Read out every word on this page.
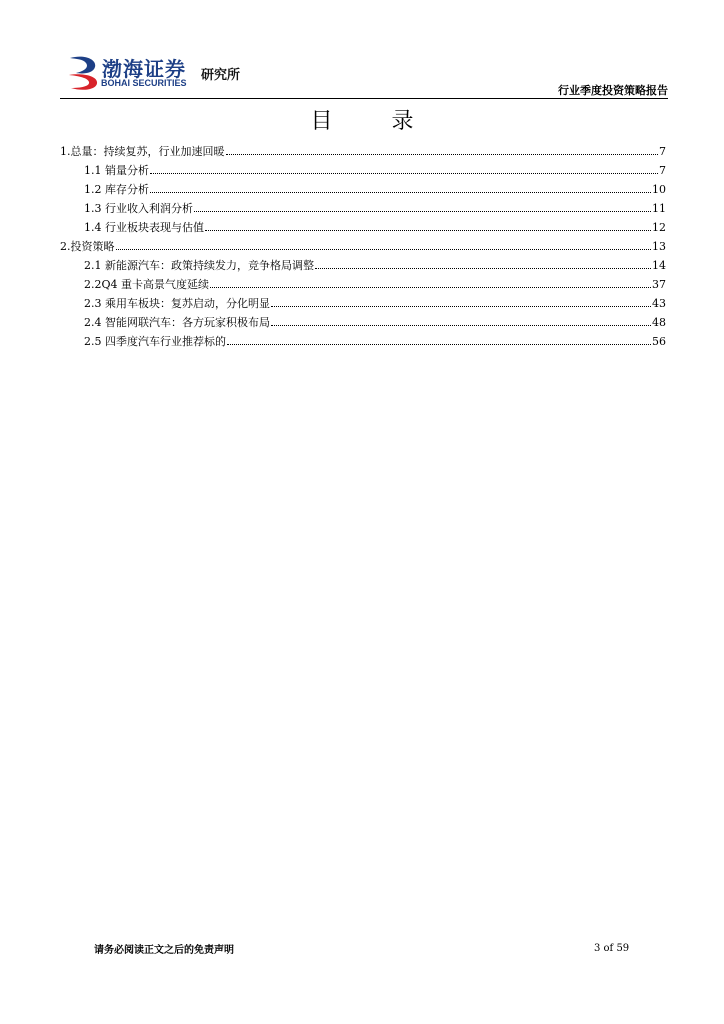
渤海证券
BOHAI SECURITIES 研究所
行业季度投资策略报告
目 录
1.总量：持续复苏，行业加速回暖	7
1.1 销量分析	7
1.2 库存分析	10
1.3 行业收入利润分析	11
1.4 行业板块表现与估值	12
2.投资策略	13
2.1 新能源汽车：政策持续发力，竞争格局调整	14
2.2Q4 重卡高景气度延续	37
2.3 乘用车板块：复苏启动，分化明显	43
2.4 智能网联汽车：各方玩家积极布局	48
2.5 四季度汽车行业推荐标的	56
请务必阅读正文之后的免责声明	3 of 59
